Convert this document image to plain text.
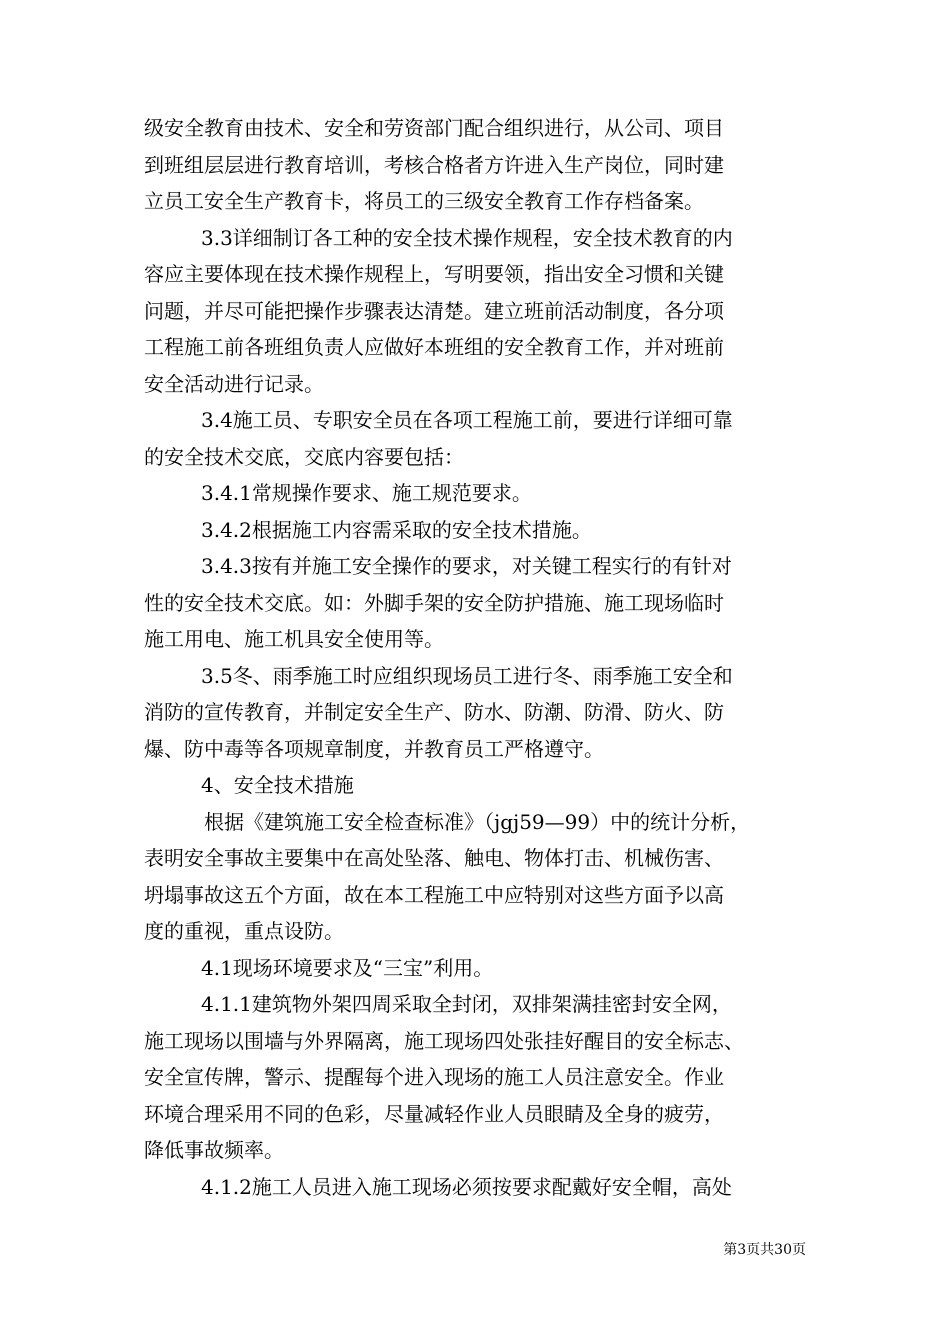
级安全教育由技术、安全和劳资部门配合组织进行，从公司、项目
到班组层层进行教育培训，考核合格者方许进入生产岗位，同时建
立员工安全生产教育卡，将员工的三级安全教育工作存档备案。
3.3详细制订各工种的安全技术操作规程，安全技术教育的内
容应主要体现在技术操作规程上，写明要领，指出安全习惯和关键
问题，并尽可能把操作步骤表达清楚。建立班前活动制度，各分项
工程施工前各班组负责人应做好本班组的安全教育工作，并对班前
安全活动进行记录。
3.4施工员、专职安全员在各项工程施工前，要进行详细可靠
的安全技术交底，交底内容要包括：
3.4.1常规操作要求、施工规范要求。
3.4.2根据施工内容需采取的安全技术措施。
3.4.3按有并施工安全操作的要求，对关键工程实行的有针对
性的安全技术交底。如：外脚手架的安全防护措施、施工现场临时
施工用电、施工机具安全使用等。
3.5冬、雨季施工时应组织现场员工进行冬、雨季施工安全和
消防的宣传教育，并制定安全生产、防水、防潮、防滑、防火、防
爆、防中毒等各项规章制度，并教育员工严格遵守。
4、安全技术措施
根据《建筑施工安全检查标准》（jgj59—99）中的统计分析，
表明安全事故主要集中在高处坠落、触电、物体打击、机械伤害、
坍塌事故这五个方面，故在本工程施工中应特别对这些方面予以高
度的重视，重点设防。
4.1现场环境要求及“三宝”利用。
4.1.1建筑物外架四周采取全封闭，双排架满挂密封安全网，
施工现场以围墙与外界隔离，施工现场四处张挂好醒目的安全标志、
安全宣传牌，警示、提醒每个进入现场的施工人员注意安全。作业
环境合理采用不同的色彩，尽量减轻作业人员眼睛及全身的疲劳，
降低事故频率。
4.1.2施工人员进入施工现场必须按要求配戴好安全帽，高处
第3页共30页
